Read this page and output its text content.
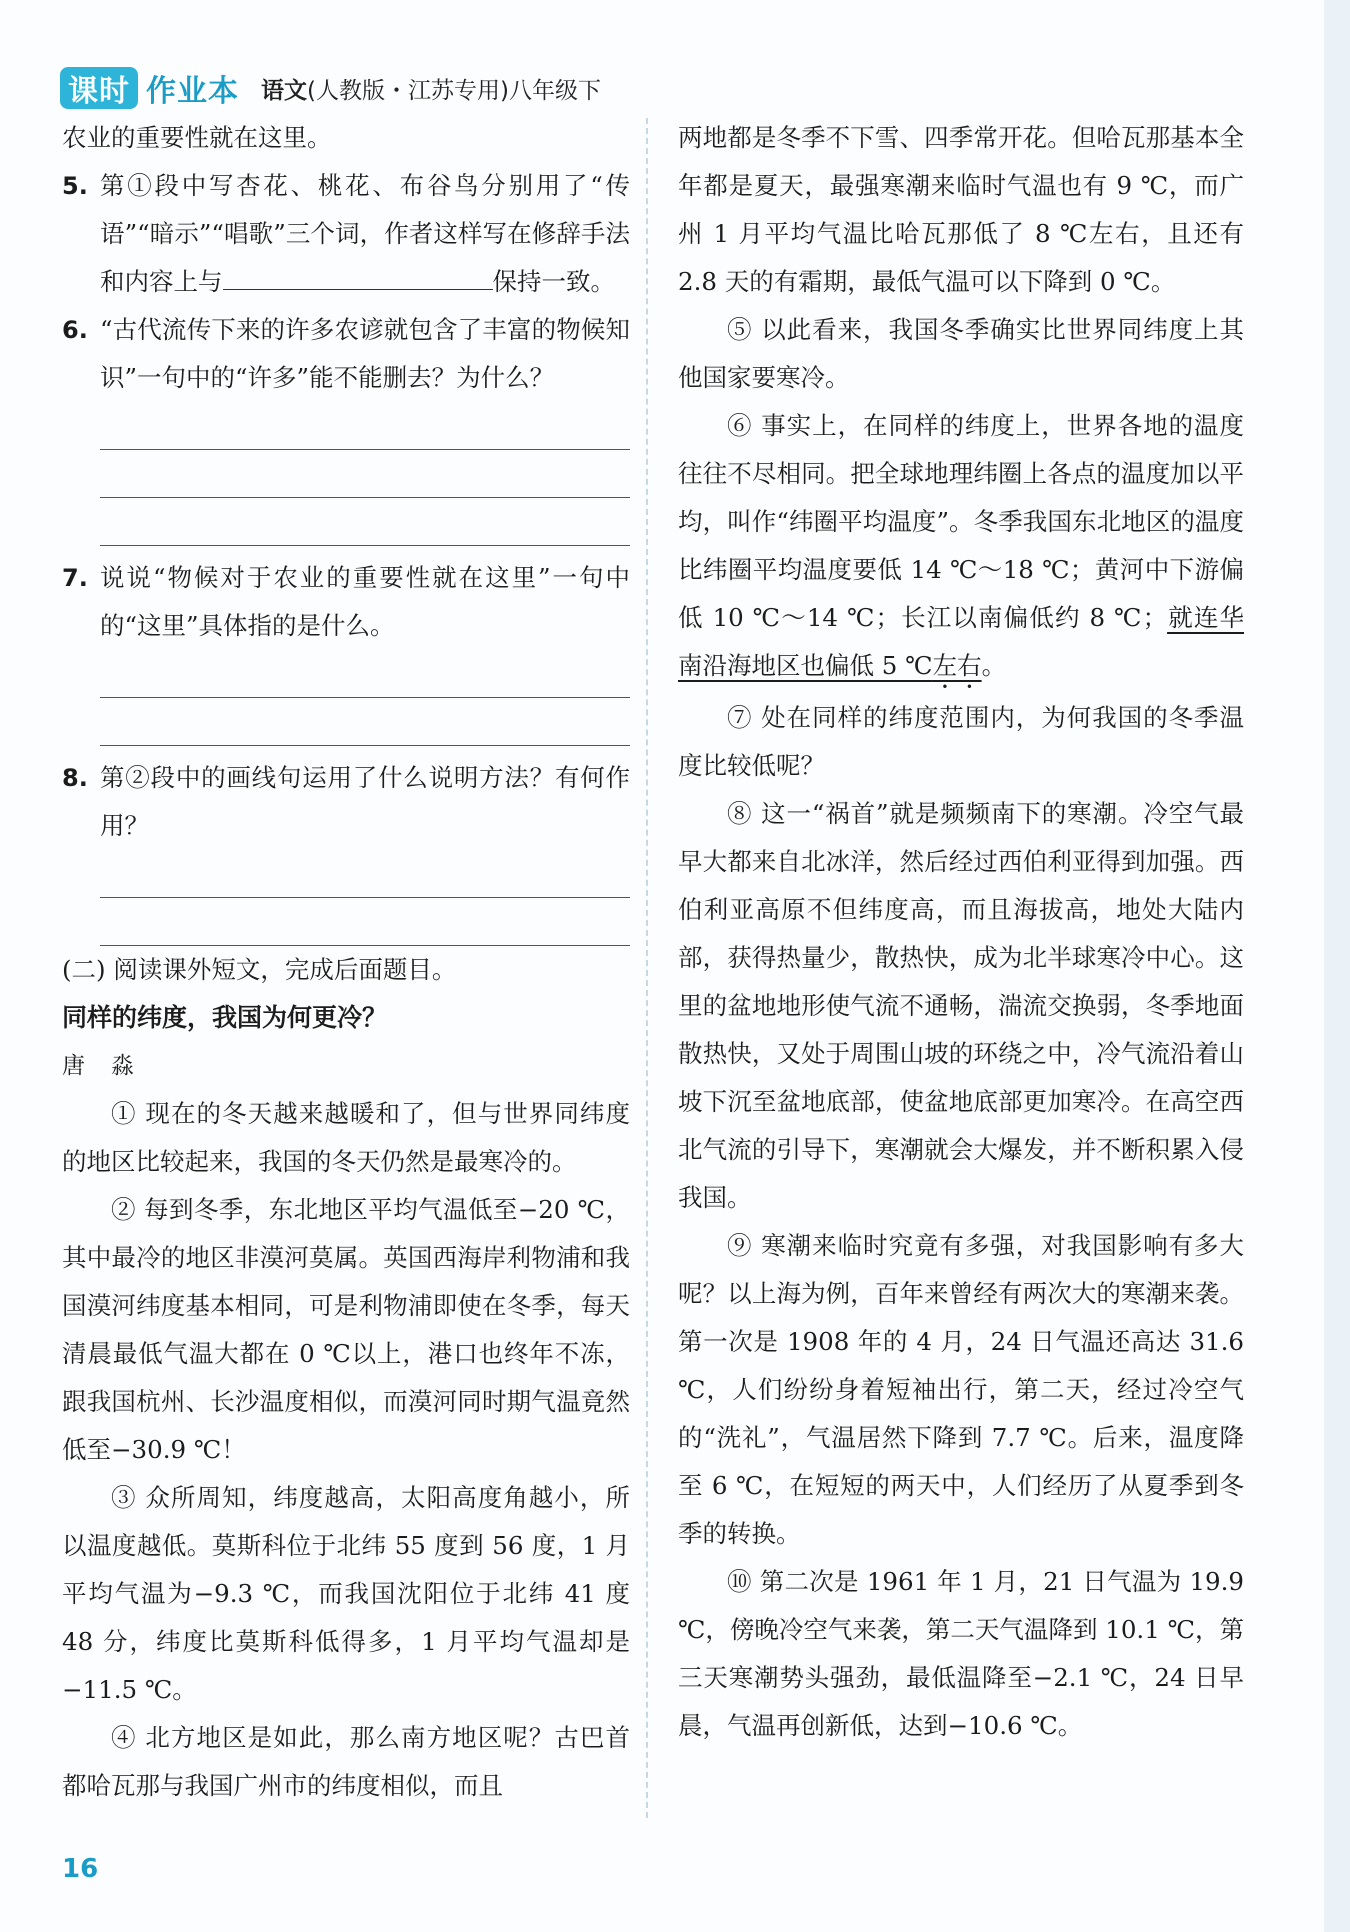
课时 作业本 语文(人教版・江苏专用)八年级下

农业的重要性就在这里。

5. 第①段中写杏花、桃花、布谷鸟分别用了“传语”“暗示”“唱歌”三个词，作者这样写在修辞手法和内容上与	保持一致。
6. “古代流传下来的许多农谚就包含了丰富的物候知识”一句中的“许多”能不能删去？为什么？
7. 说说“物候对于农业的重要性就在这里”一句中的“这里”具体指的是什么。
8. 第②段中的画线句运用了什么说明方法？有何作用？

(二) 阅读课外短文，完成后面题目。

同样的纬度，我国为何更冷？

唐淼

① 现在的冬天越来越暖和了，但与世界同纬度的地区比较起来，我国的冬天仍然是最寒冷的。

② 每到冬季，东北地区平均气温低至−20 ℃，其中最冷的地区非漠河莫属。英国西海岸利物浦和我国漠河纬度基本相同，可是利物浦即使在冬季，每天清晨最低气温大都在 0 ℃以上，港口也终年不冻，跟我国杭州、长沙温度相似，而漠河同时期气温竟然低至−30.9 ℃！

③ 众所周知，纬度越高，太阳高度角越小，所以温度越低。莫斯科位于北纬 55 度到 56 度，1 月平均气温为−9.3 ℃，而我国沈阳位于北纬 41 度 48 分，纬度比莫斯科低得多，1 月平均气温却是−11.5 ℃。

④ 北方地区是如此，那么南方地区呢？古巴首都哈瓦那与我国广州市的纬度相似，而且

两地都是冬季不下雪、四季常开花。但哈瓦那基本全年都是夏天，最强寒潮来临时气温也有 9 ℃，而广州 1 月平均气温比哈瓦那低了 8 ℃左右，且还有 2.8 天的有霜期，最低气温可以下降到 0 ℃。

⑤ 以此看来，我国冬季确实比世界同纬度上其他国家要寒冷。

⑥ 事实上，在同样的纬度上，世界各地的温度往往不尽相同。把全球地理纬圈上各点的温度加以平均，叫作“纬圈平均温度”。冬季我国东北地区的温度比纬圈平均温度要低 14 ℃～18 ℃；黄河中下游偏低 10 ℃～14 ℃；长江以南偏低约 8 ℃；就连华南沿海地区也偏低 5 ℃左右。

⑦ 处在同样的纬度范围内，为何我国的冬季温度比较低呢？

⑧ 这一“祸首”就是频频南下的寒潮。冷空气最早大都来自北冰洋，然后经过西伯利亚得到加强。西伯利亚高原不但纬度高，而且海拔高，地处大陆内部，获得热量少，散热快，成为北半球寒冷中心。这里的盆地地形使气流不通畅，湍流交换弱，冬季地面散热快，又处于周围山坡的环绕之中，冷气流沿着山坡下沉至盆地底部，使盆地底部更加寒冷。在高空西北气流的引导下，寒潮就会大爆发，并不断积累入侵我国。

⑨ 寒潮来临时究竟有多强，对我国影响有多大呢？以上海为例，百年来曾经有两次大的寒潮来袭。第一次是 1908 年的 4 月，24 日气温还高达 31.6 ℃，人们纷纷身着短袖出行，第二天，经过冷空气的“洗礼”，气温居然下降到 7.7 ℃。后来，温度降至 6 ℃，在短短的两天中，人们经历了从夏季到冬季的转换。

⑩ 第二次是 1961 年 1 月，21 日气温为 19.9 ℃，傍晚冷空气来袭，第二天气温降到 10.1 ℃，第三天寒潮势头强劲，最低温降至−2.1 ℃，24 日早晨，气温再创新低，达到−10.6 ℃。

16
